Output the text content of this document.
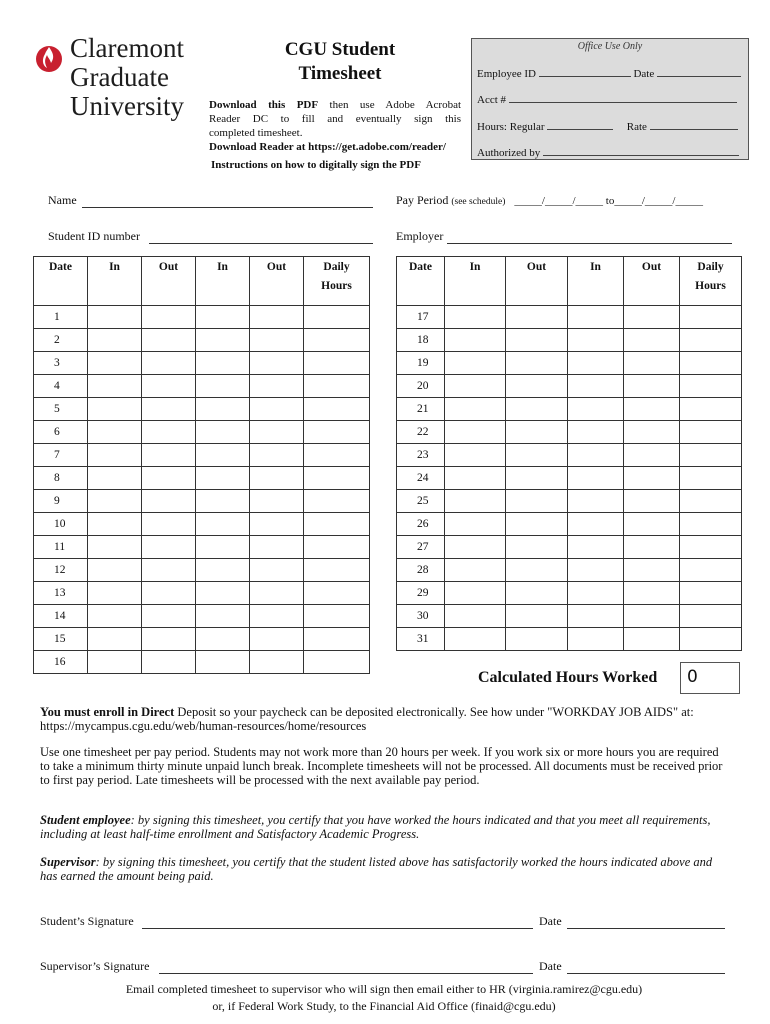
Claremont
Graduate
University
CGU Student
Timesheet
Download this PDF then use Adobe Acrobat
Reader DC to fill and eventually sign this
completed timesheet.
Download Reader at https://get.adobe.com/reader/
Instructions on how to digitally sign the PDF
Office Use Only
Employee ID	Date
Acct #
Hours: Regular	Rate
Authorized by
Name	Pay Period (see schedule) _____/_____/_____ to_____/_____/_____
Student ID number	Employer
Date	In	Out	In	Out	Daily
Hours

1					
2					
3					
4					
5					
6					
7					
8					
9					
10					
11					
12					
13					
14					
15					
16					
Date	In	Out	In	Out	Daily
Hours

17					
18					
19					
20					
21					
22					
23					
24					
25					
26					
27					
28					
29					
30					
31					
Calculated Hours Worked	0
You must enroll in Direct Deposit so your paycheck can be deposited electronically. See how under "WORKDAY JOB AIDS" at: https://mycampus.cgu.edu/web/human-resources/home/resources
Use one timesheet per pay period. Students may not work more than 20 hours per week. If you work six or more hours you are required to take a minimum thirty minute unpaid lunch break. Incomplete timesheets will not be processed. All documents must be received prior to first pay period. Late timesheets will be processed with the next available pay period.
Student employee: by signing this timesheet, you certify that you have worked the hours indicated and that you meet all requirements, including at least half-time enrollment and Satisfactory Academic Progress.
Supervisor: by signing this timesheet, you certify that the student listed above has satisfactorily worked the hours indicated above and has earned the amount being paid.
Student’s Signature	Date
Supervisor’s Signature	Date
Email completed timesheet to supervisor who will sign then email either to HR (virginia.ramirez@cgu.edu)
or, if Federal Work Study, to the Financial Aid Office (finaid@cgu.edu)
